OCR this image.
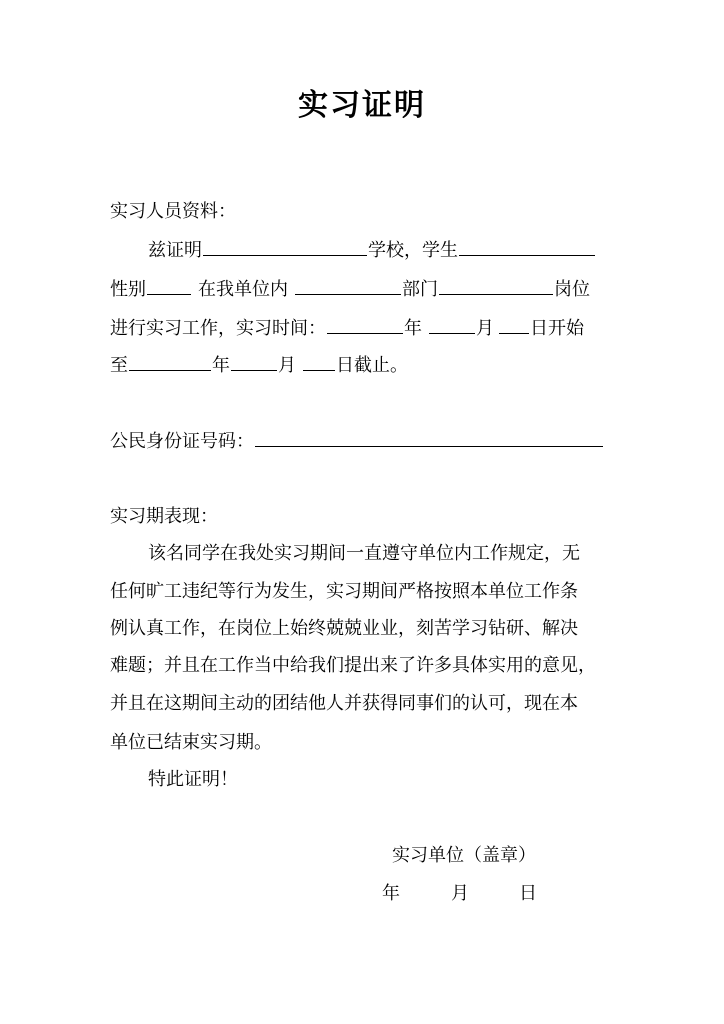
实习证明
实习人员资料：
兹证明	学校，学生
性别	在我单位内	部门	岗位
进行实习工作，实习时间：	年	月 日开始
至	年	月 日截止。
公民身份证号码：
实习期表现：
该名同学在我处实习期间一直遵守单位内工作规定，无
任何旷工违纪等行为发生，实习期间严格按照本单位工作条
例认真工作，在岗位上始终兢兢业业，刻苦学习钻研、解决
难题；并且在工作当中给我们提出来了许多具体实用的意见，
并且在这期间主动的团结他人并获得同事们的认可，现在本
单位已结束实习期。
特此证明！
实习单位（盖章）
年	月	日
